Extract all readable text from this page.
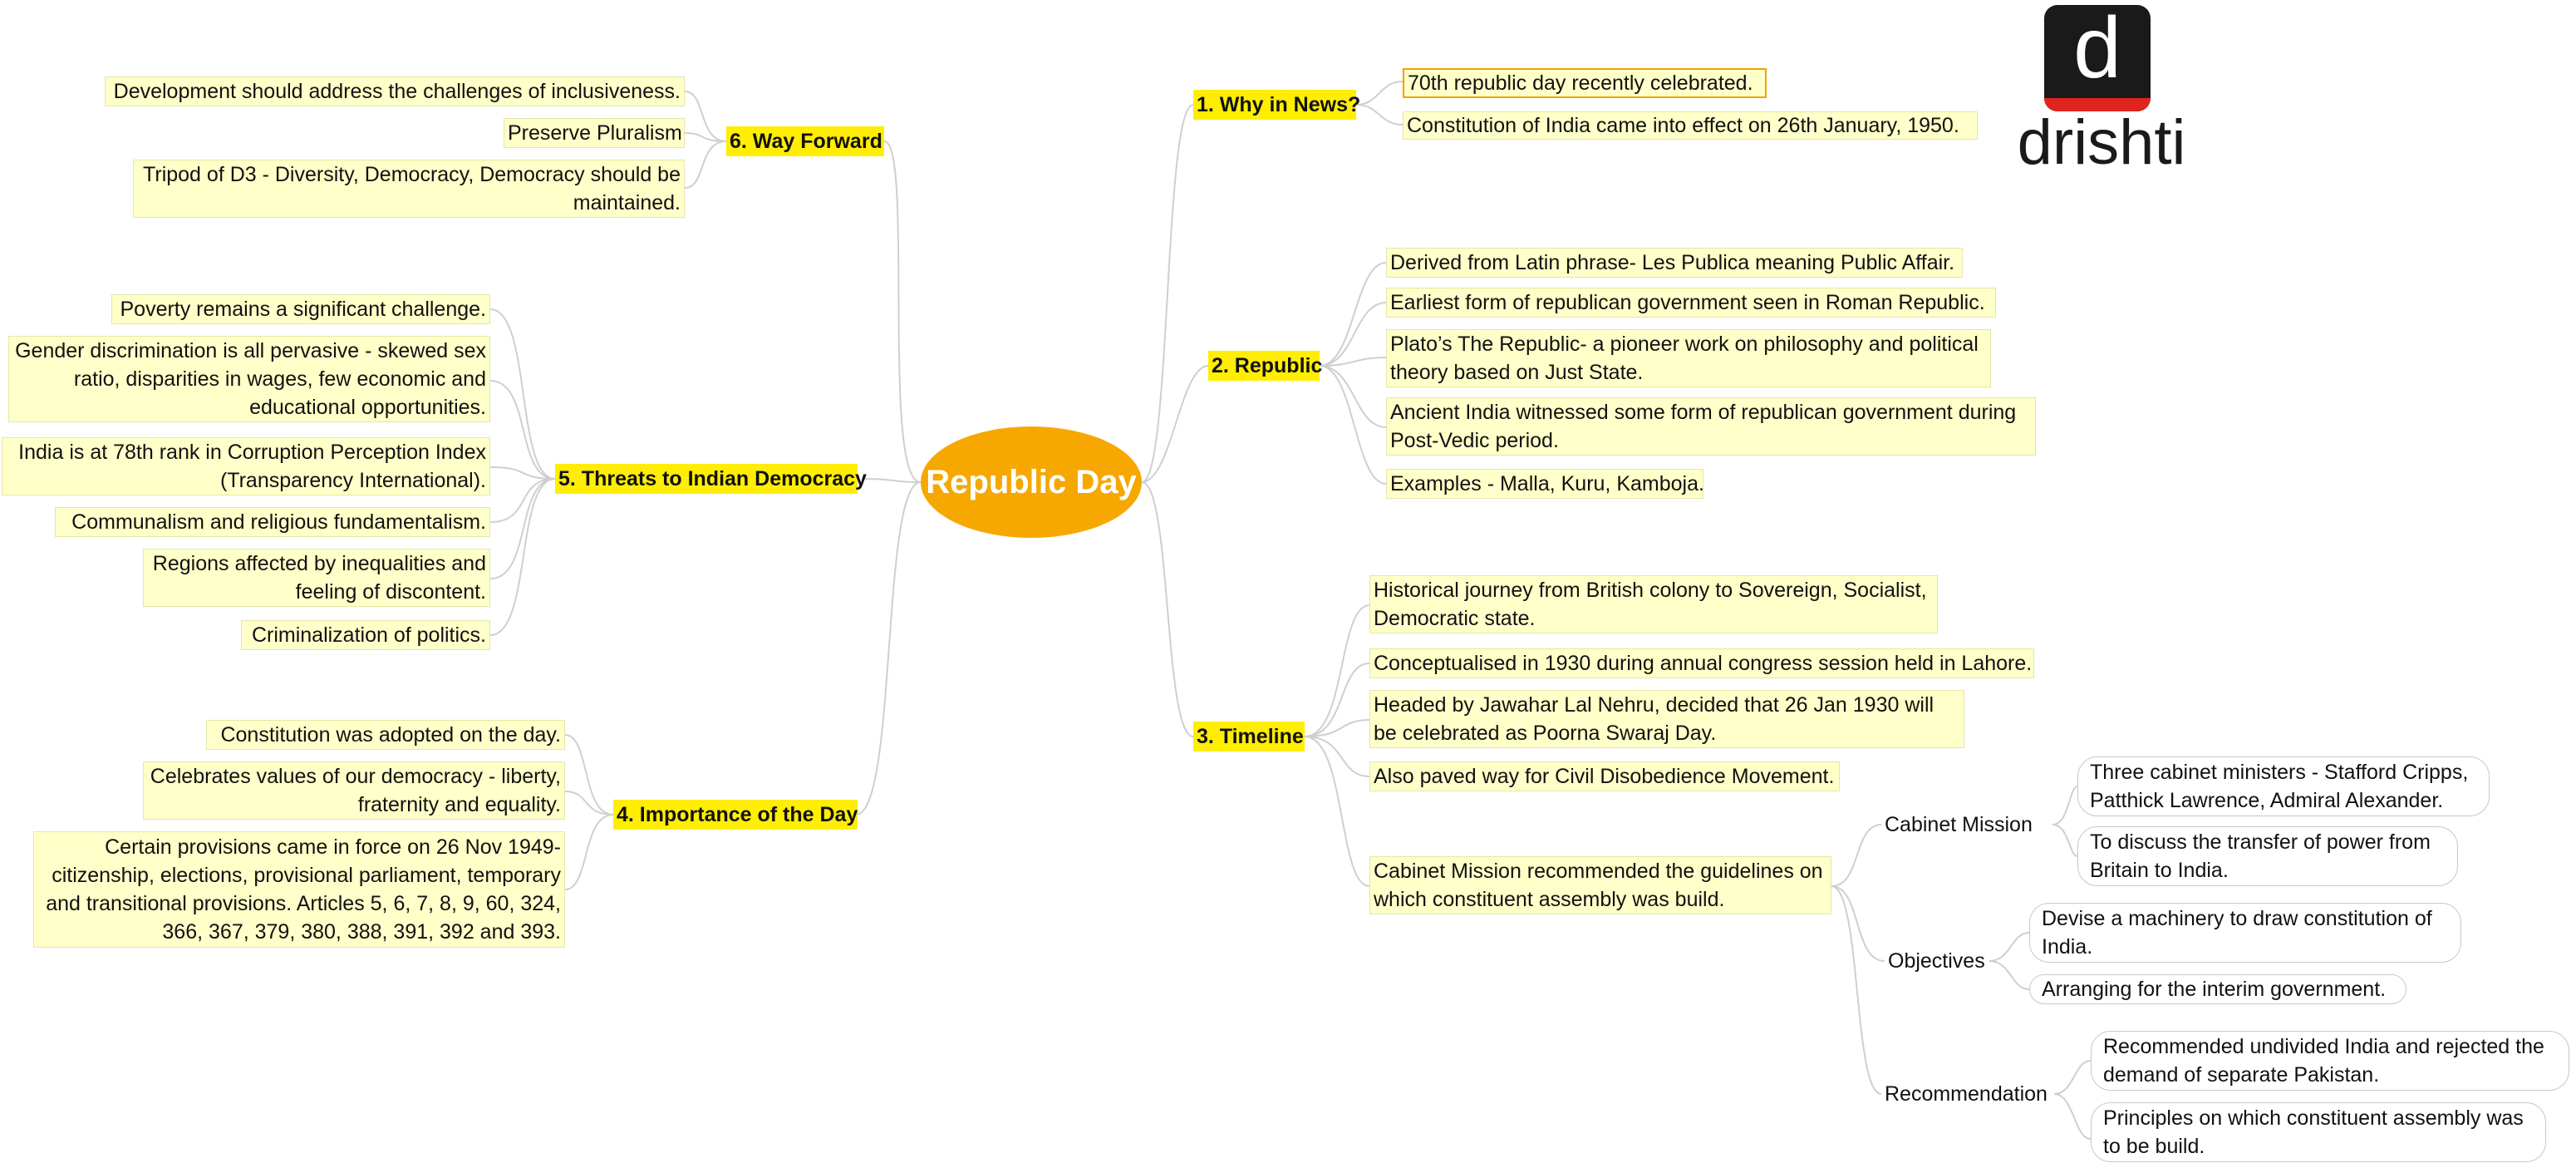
Republic Day
d
drishti
1. Why in News?
70th republic day recently celebrated.
Constitution of India came into effect on 26th January, 1950.
2. Republic
Derived from Latin phrase- Les Publica meaning Public Affair.
Earliest form of republican government seen in Roman Republic.
Plato’s The Republic- a pioneer work on philosophy and political theory based on Just State.
Ancient India witnessed some form of republican government during Post-Vedic period.
Examples - Malla, Kuru, Kamboja.
3. Timeline
Historical journey from British colony to Sovereign, Socialist, Democratic state.
Conceptualised in 1930 during annual congress session held in Lahore.
Headed by Jawahar Lal Nehru, decided that 26 Jan 1930 will be celebrated as Poorna Swaraj Day.
Also paved way for Civil Disobedience Movement.
Cabinet Mission recommended the guidelines on which constituent assembly was build.
Cabinet Mission
Three cabinet ministers - Stafford Cripps, Patthick Lawrence, Admiral Alexander.
To discuss the transfer of power from Britain to India.
Objectives
Devise a machinery to draw constitution of India.
Arranging for the interim government.
Recommendation
Recommended undivided India and rejected the demand of separate Pakistan.
Principles on which constituent assembly was to be build.
4. Importance of the Day
Constitution was adopted on the day.
Celebrates values of our democracy - liberty, fraternity and equality.
Certain provisions came in force on 26 Nov 1949- citizenship, elections, provisional parliament, temporary and transitional provisions. Articles 5, 6, 7, 8, 9, 60, 324, 366, 367, 379, 380, 388, 391, 392 and 393.
5. Threats to Indian Democracy
Poverty remains a significant challenge.
Gender discrimination is all pervasive - skewed sex ratio, disparities in wages, few economic and educational opportunities.
India is at 78th rank in Corruption Perception Index (Transparency International).
Communalism and religious fundamentalism.
Regions affected by inequalities and feeling of discontent.
Criminalization of politics.
6. Way Forward
Development should address the challenges of inclusiveness.
Preserve Pluralism
Tripod of D3 - Diversity, Democracy, Democracy should be maintained.
